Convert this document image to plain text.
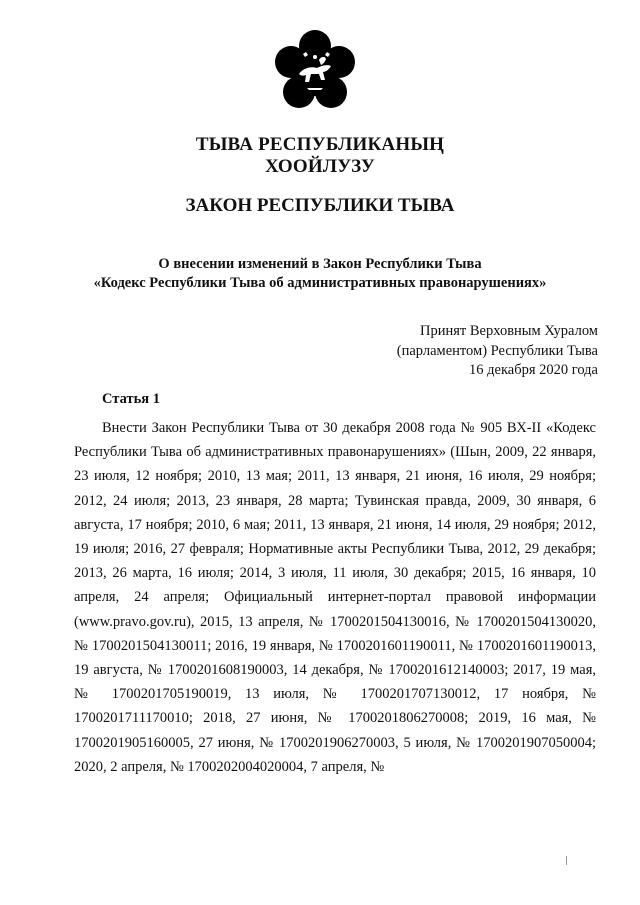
ТЫВА РЕСПУБЛИКАНЫҢ
ХООЙЛУЗУ
ЗАКОН РЕСПУБЛИКИ ТЫВА
О внесении изменений в Закон Республики Тыва
«Кодекс Республики Тыва об административных правонарушениях»
Принят Верховным Хуралом
(парламентом) Республики Тыва
16 декабря 2020 года
Статья 1

Внести Закон Республики Тыва от 30 декабря 2008 года № 905 ВХ-II «Кодекс Республики Тыва об административных правонарушениях» (Шын, 2009, 22 января, 23 июля, 12 ноября; 2010, 13 мая; 2011, 13 января, 21 июня, 16 июля, 29 ноября; 2012, 24 июля; 2013, 23 января, 28 марта; Тувинская правда, 2009, 30 января, 6 августа, 17 ноября; 2010, 6 мая; 2011, 13 января, 21 июня, 14 июля, 29 ноября; 2012, 19 июля; 2016, 27 февраля; Нормативные акты Республики Тыва, 2012, 29 декабря; 2013, 26 марта, 16 июля; 2014, 3 июля, 11 июля, 30 декабря; 2015, 16 января, 10 апреля, 24 апреля; Официальный интернет-портал правовой информации (www.pravo.gov.ru), 2015, 13 апреля, № 1700201504130016, № 1700201504130020, № 1700201504130011; 2016, 19 января, № 1700201601190011, № 1700201601190013, 19 августа, № 1700201608190003, 14 декабря, № 1700201612140003; 2017, 19 мая, № 1700201705190019, 13 июля, № 1700201707130012, 17 ноября, № 1700201711170010; 2018, 27 июня, № 1700201806270008; 2019, 16 мая, № 1700201905160005, 27 июня, № 1700201906270003, 5 июля, № 1700201907050004; 2020, 2 апреля, № 1700202004020004, 7 апреля, №
